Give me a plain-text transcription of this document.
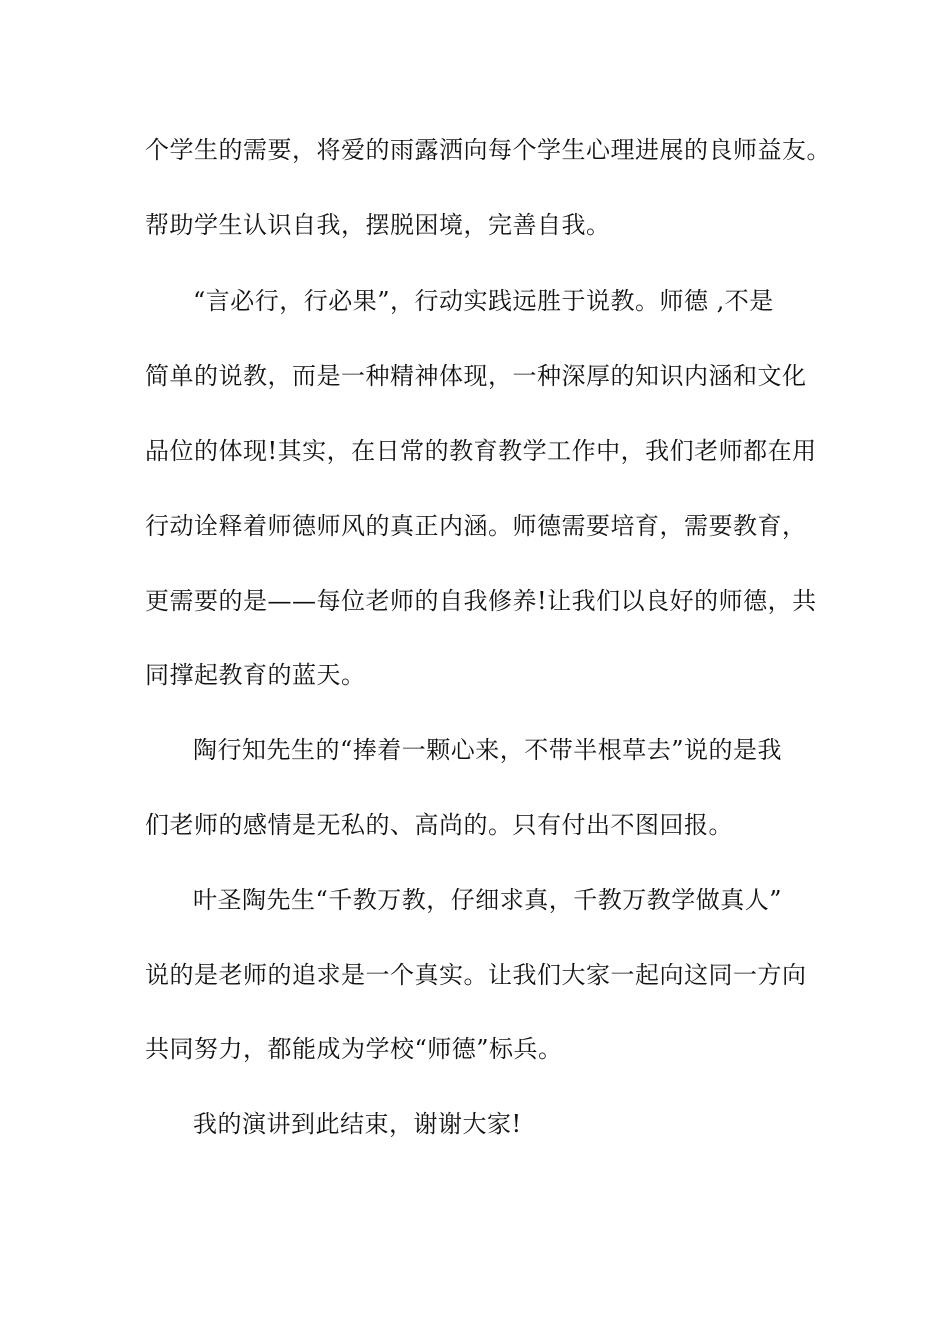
个学生的需要，将爱的雨露洒向每个学生心理进展的良师益友。
帮助学生认识自我，摆脱困境，完善自我。
“言必行，行必果”，行动实践远胜于说教。师德 ,不是
简单的说教，而是一种精神体现，一种深厚的知识内涵和文化
品位的体现!其实，在日常的教育教学工作中，我们老师都在用
行动诠释着师德师风的真正内涵。师德需要培育，需要教育，
更需要的是——每位老师的自我修养!让我们以良好的师德，共
同撑起教育的蓝天。
陶行知先生的“捧着一颗心来，不带半根草去”说的是我
们老师的感情是无私的、高尚的。只有付出不图回报。
叶圣陶先生“千教万教，仔细求真，千教万教学做真人”
说的是老师的追求是一个真实。让我们大家一起向这同一方向
共同努力，都能成为学校“师德”标兵。
我的演讲到此结束，谢谢大家!
